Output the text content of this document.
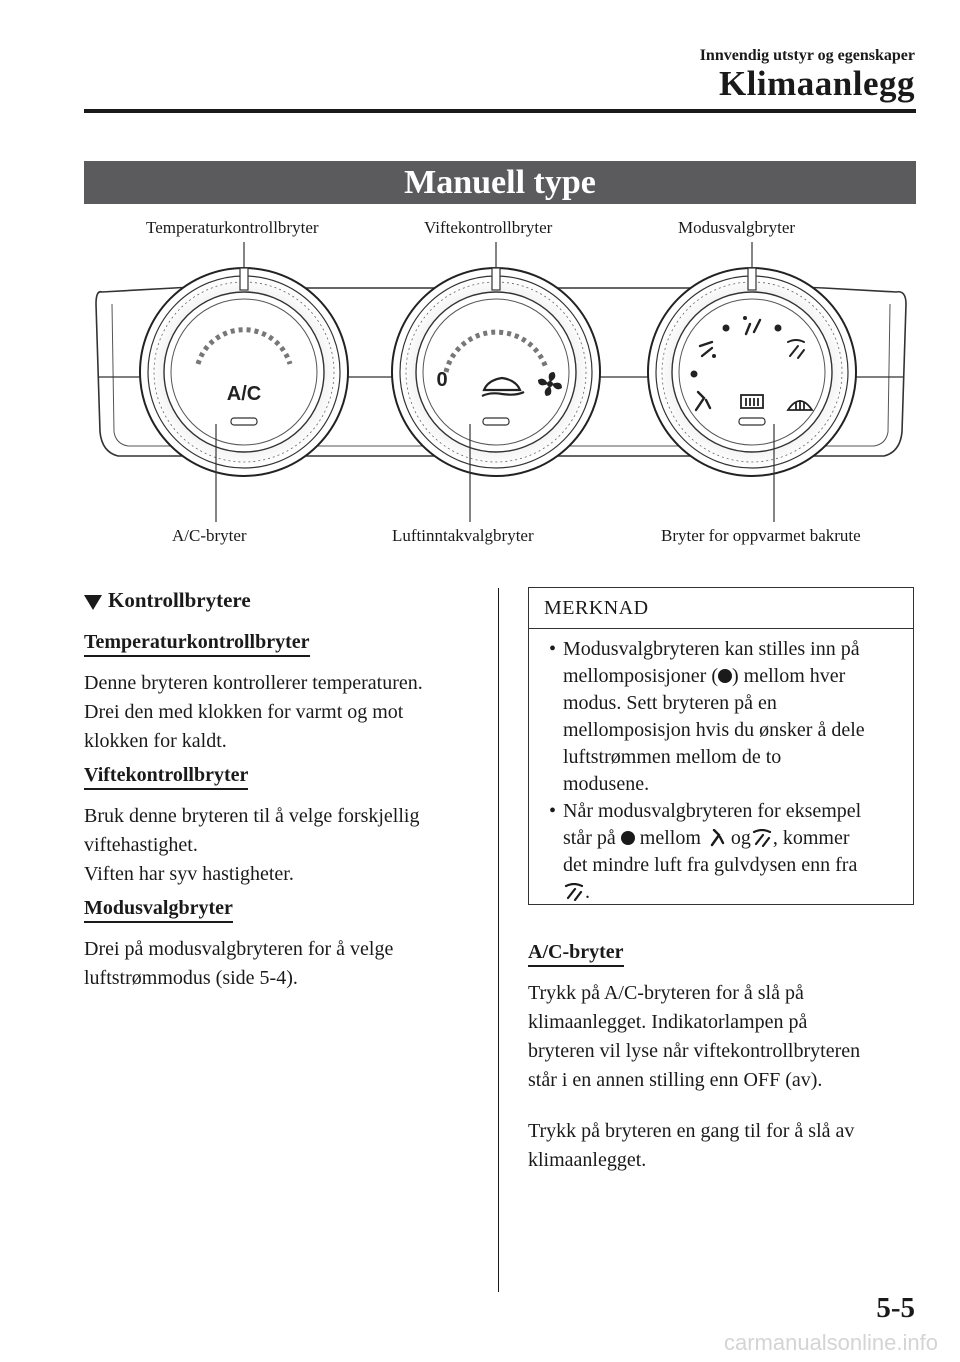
Innvendig utstyr og egenskaper
Klimaanlegg
Manuell type
A/C
0
Temperaturkontrollbryter	Viftekontrollbryter	Modusvalgbryter
A/C-bryter	Luftinntakvalgbryter	Bryter for oppvarmet bakrute
Kontrollbrytere
Temperaturkontrollbryter
Denne bryteren kontrollerer temperaturen.
Drei den med klokken for varmt og mot
klokken for kaldt.
Viftekontrollbryter
Bruk denne bryteren til å velge forskjellig
viftehastighet.
Viften har syv hastigheter.
Modusvalgbryter
Drei på modusvalgbryteren for å velge
luftstrømmodus (side 5-4).
MERKNAD
• Modusvalgbryteren kan stilles inn på
mellomposisjoner ( ) mellom hver
modus. Sett bryteren på en
mellomposisjon hvis du ønsker å dele
luftstrømmen mellom de to
modusene.
• Når modusvalgbryteren for eksempel
står på mellom og , kommer
det mindre luft fra gulvdysen enn fra
.
A/C-bryter
Trykk på A/C-bryteren for å slå på
klimaanlegget. Indikatorlampen på
bryteren vil lyse når viftekontrollbryteren
står i en annen stilling enn OFF (av).
Trykk på bryteren en gang til for å slå av
klimaanlegget.
5-5
carmanualsonline.info
